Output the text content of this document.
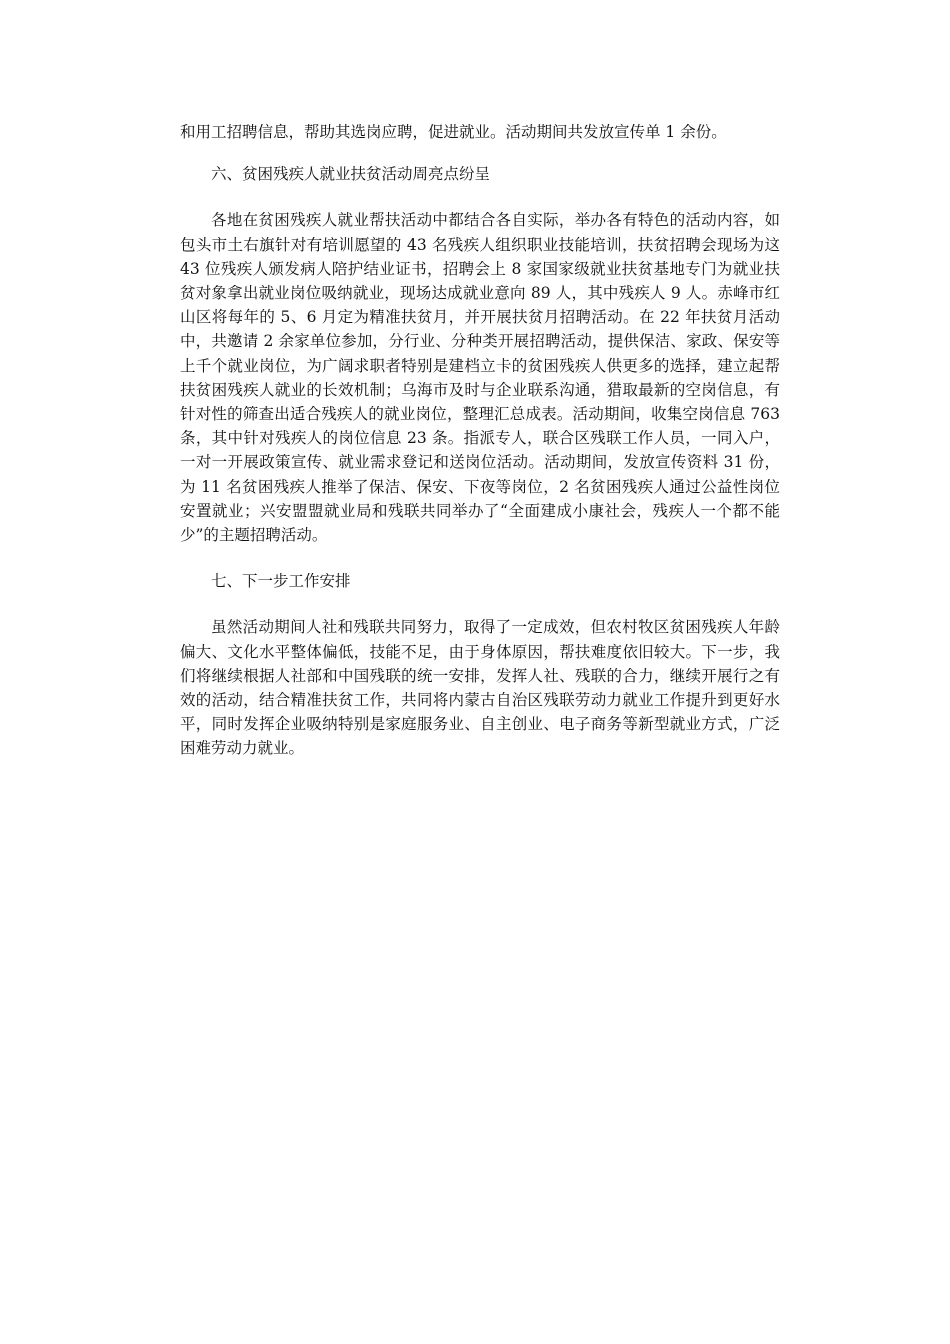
和用工招聘信息，帮助其选岗应聘，促进就业。活动期间共发放宣传单 1 余份。

六、贫困残疾人就业扶贫活动周亮点纷呈

各地在贫困残疾人就业帮扶活动中都结合各自实际，举办各有特色的活动内容，如包头市土右旗针对有培训愿望的 43 名残疾人组织职业技能培训，扶贫招聘会现场为这 43 位残疾人颁发病人陪护结业证书，招聘会上 8 家国家级就业扶贫基地专门为就业扶贫对象拿出就业岗位吸纳就业，现场达成就业意向 89 人，其中残疾人 9 人。赤峰市红山区将每年的 5、6 月定为精准扶贫月，并开展扶贫月招聘活动。在 22 年扶贫月活动中，共邀请 2 余家单位参加，分行业、分种类开展招聘活动，提供保洁、家政、保安等上千个就业岗位，为广阔求职者特别是建档立卡的贫困残疾人供更多的选择，建立起帮扶贫困残疾人就业的长效机制；乌海市及时与企业联系沟通，猎取最新的空岗信息，有针对性的筛查出适合残疾人的就业岗位，整理汇总成表。活动期间，收集空岗信息 763 条，其中针对残疾人的岗位信息 23 条。指派专人，联合区残联工作人员，一同入户，一对一开展政策宣传、就业需求登记和送岗位活动。活动期间，发放宣传资料 31 份，为 11 名贫困残疾人推举了保洁、保安、下夜等岗位，2 名贫困残疾人通过公益性岗位安置就业；兴安盟盟就业局和残联共同举办了“全面建成小康社会，残疾人一个都不能少”的主题招聘活动。

七、下一步工作安排

虽然活动期间人社和残联共同努力，取得了一定成效，但农村牧区贫困残疾人年龄偏大、文化水平整体偏低，技能不足，由于身体原因，帮扶难度依旧较大。下一步，我们将继续根据人社部和中国残联的统一安排，发挥人社、残联的合力，继续开展行之有效的活动，结合精准扶贫工作，共同将内蒙古自治区残联劳动力就业工作提升到更好水平，同时发挥企业吸纳特别是家庭服务业、自主创业、电子商务等新型就业方式，广泛困难劳动力就业。
